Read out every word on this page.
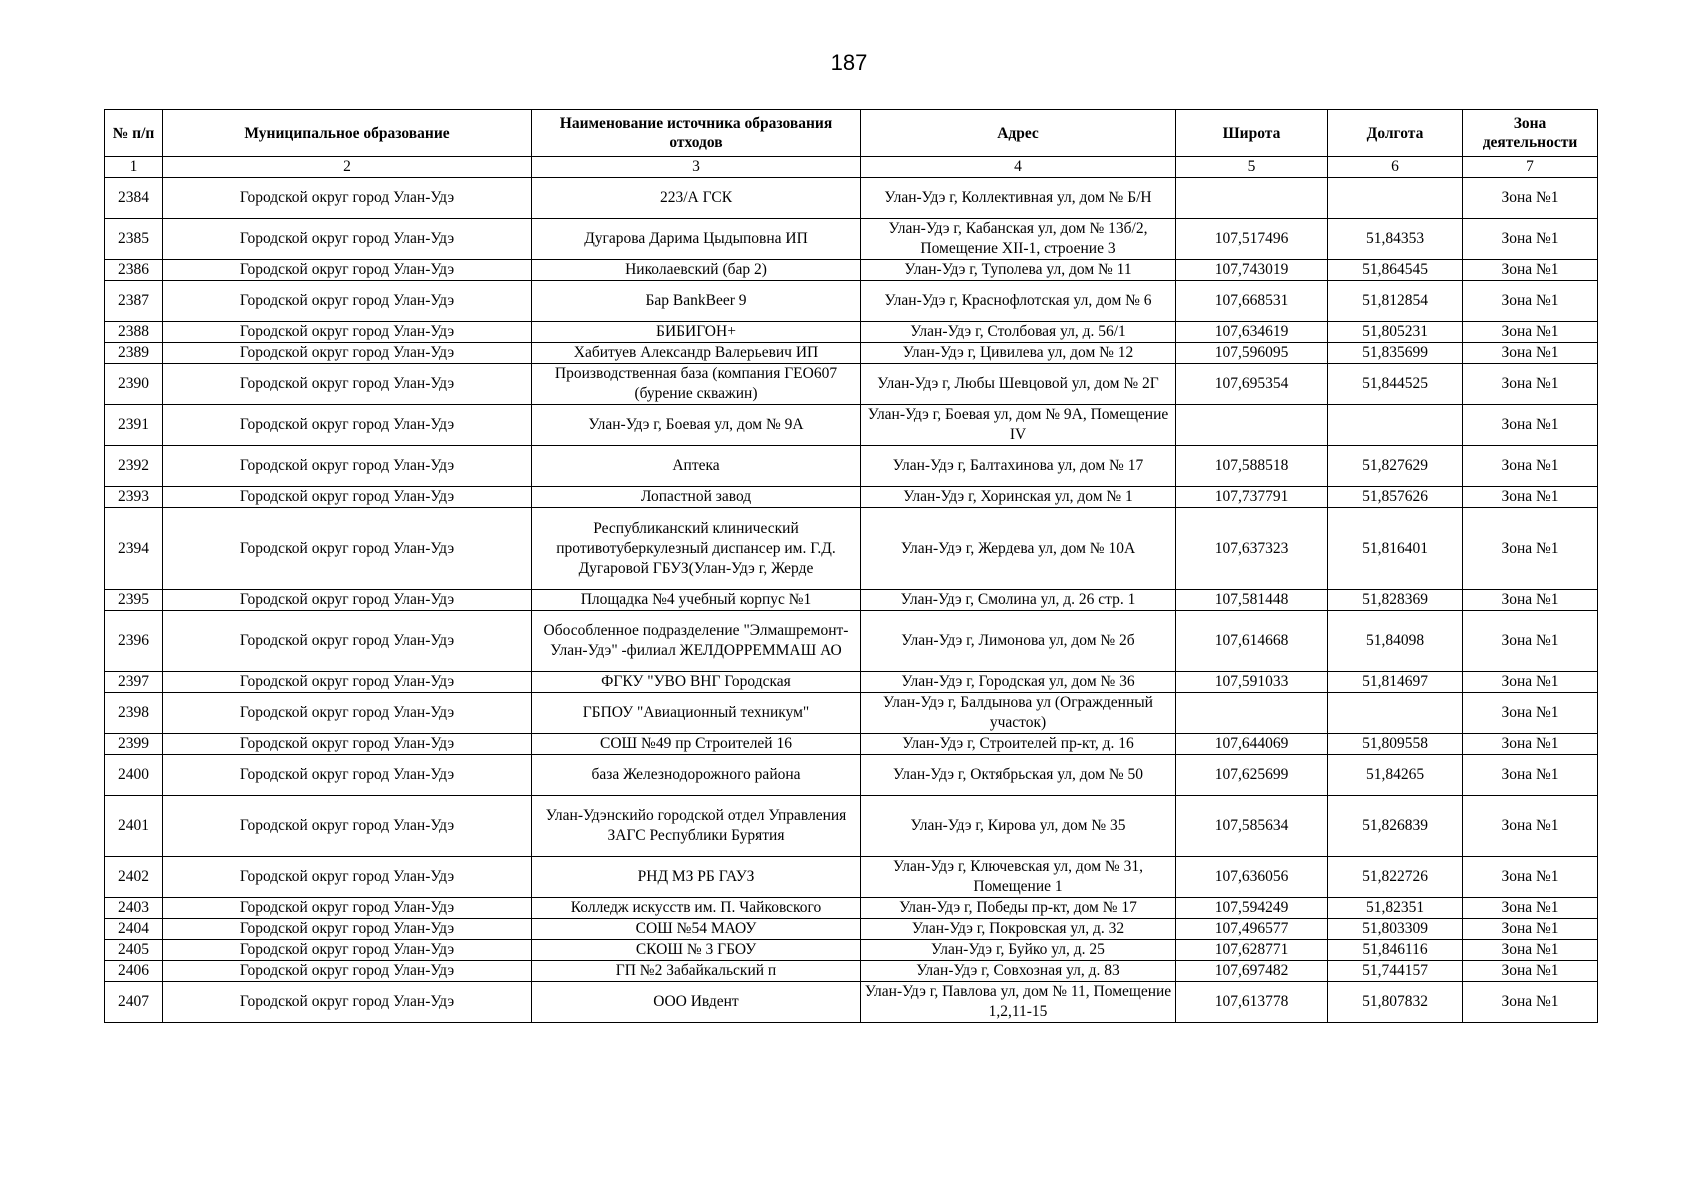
187
№ п/п	Муниципальное образование	Наименование источника образования отходов	Адрес	Широта	Долгота	Зона деятельности
1	2	3	4	5	6	7
2384	Городской округ город Улан-Удэ	223/А ГСК	Улан-Удэ г, Коллективная ул, дом № Б/Н			Зона №1
2385	Городской округ город Улан-Удэ	Дугарова Дарима Цыдыповна ИП	Улан-Удэ г, Кабанская ул, дом № 13б/2, Помещение XII-1, строение 3	107,517496	51,84353	Зона №1
2386	Городской округ город Улан-Удэ	Николаевский (бар 2)	Улан-Удэ г, Туполева ул, дом № 11	107,743019	51,864545	Зона №1
2387	Городской округ город Улан-Удэ	Бар BankBeer 9	Улан-Удэ г, Краснофлотская ул, дом № 6	107,668531	51,812854	Зона №1
2388	Городской округ город Улан-Удэ	БИБИГОН+	Улан-Удэ г, Столбовая ул, д. 56/1	107,634619	51,805231	Зона №1
2389	Городской округ город Улан-Удэ	Хабитуев Александр Валерьевич ИП	Улан-Удэ г, Цивилева ул, дом № 12	107,596095	51,835699	Зона №1
2390	Городской округ город Улан-Удэ	Производственная база (компания ГЕО607 (бурение скважин)	Улан-Удэ г, Любы Шевцовой ул, дом № 2Г	107,695354	51,844525	Зона №1
2391	Городской округ город Улан-Удэ	Улан-Удэ г, Боевая ул, дом № 9А	Улан-Удэ г, Боевая ул, дом № 9А, Помещение IV			Зона №1
2392	Городской округ город Улан-Удэ	Аптека	Улан-Удэ г, Балтахинова ул, дом № 17	107,588518	51,827629	Зона №1
2393	Городской округ город Улан-Удэ	Лопастной завод	Улан-Удэ г, Хоринская ул, дом № 1	107,737791	51,857626	Зона №1
2394	Городской округ город Улан-Удэ	Республиканский клинический противотуберкулезный диспансер им. Г.Д. Дугаровой ГБУЗ(Улан-Удэ г, Жерде	Улан-Удэ г, Жердева ул, дом № 10А	107,637323	51,816401	Зона №1
2395	Городской округ город Улан-Удэ	Площадка №4 учебный корпус №1	Улан-Удэ г, Смолина ул, д. 26 стр. 1	107,581448	51,828369	Зона №1
2396	Городской округ город Улан-Удэ	Обособленное подразделение "Элмашремонт-Улан-Удэ" -филиал ЖЕЛДОРРЕММАШ АО	Улан-Удэ г, Лимонова ул, дом № 2б	107,614668	51,84098	Зона №1
2397	Городской округ город Улан-Удэ	ФГКУ "УВО ВНГ Городская	Улан-Удэ г, Городская ул, дом № 36	107,591033	51,814697	Зона №1
2398	Городской округ город Улан-Удэ	ГБПОУ "Авиационный техникум"	Улан-Удэ г, Балдынова ул (Огражденный участок)			Зона №1
2399	Городской округ город Улан-Удэ	СОШ №49 пр Строителей 16	Улан-Удэ г, Строителей пр-кт, д. 16	107,644069	51,809558	Зона №1
2400	Городской округ город Улан-Удэ	база Железнодорожного района	Улан-Удэ г, Октябрьская ул, дом № 50	107,625699	51,84265	Зона №1
2401	Городской округ город Улан-Удэ	Улан-Удэнскийо городской отдел Управления ЗАГС Республики Бурятия	Улан-Удэ г, Кирова ул, дом № 35	107,585634	51,826839	Зона №1
2402	Городской округ город Улан-Удэ	РНД МЗ РБ ГАУЗ	Улан-Удэ г, Ключевская ул, дом № 31, Помещение 1	107,636056	51,822726	Зона №1
2403	Городской округ город Улан-Удэ	Колледж искусств им. П. Чайковского	Улан-Удэ г, Победы пр-кт, дом № 17	107,594249	51,82351	Зона №1
2404	Городской округ город Улан-Удэ	СОШ №54 МАОУ	Улан-Удэ г, Покровская ул, д. 32	107,496577	51,803309	Зона №1
2405	Городской округ город Улан-Удэ	СКОШ № 3 ГБОУ	Улан-Удэ г, Буйко ул, д. 25	107,628771	51,846116	Зона №1
2406	Городской округ город Улан-Удэ	ГП №2 Забайкальский п	Улан-Удэ г, Совхозная ул, д. 83	107,697482	51,744157	Зона №1
2407	Городской округ город Улан-Удэ	ООО Ивдент	Улан-Удэ г, Павлова ул, дом № 11, Помещение 1,2,11-15	107,613778	51,807832	Зона №1
